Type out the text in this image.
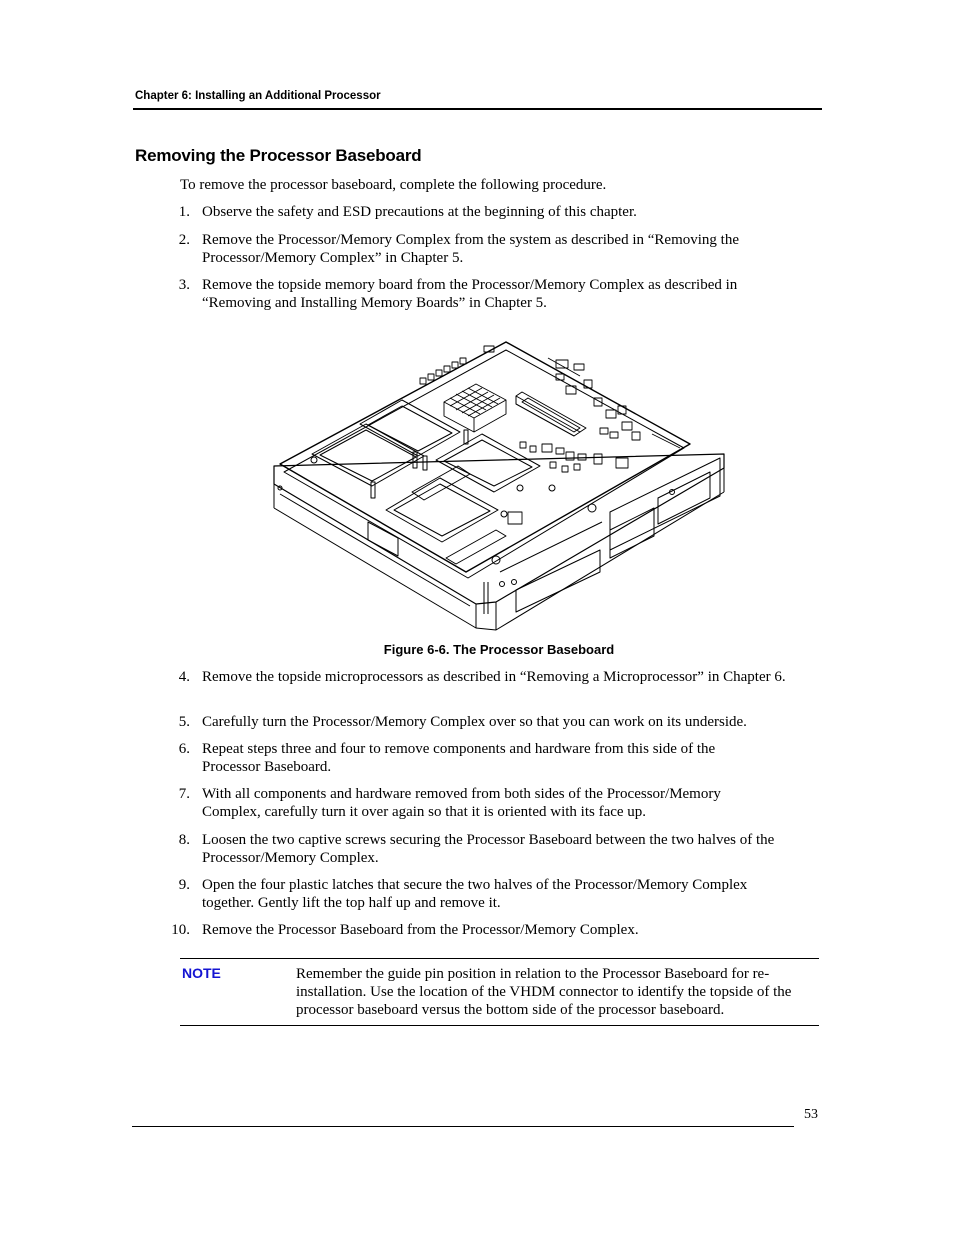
Chapter 6: Installing an Additional Processor
Removing the Processor Baseboard
To remove the processor baseboard, complete the following procedure.
1. Observe the safety and ESD precautions at the beginning of this chapter.
2. Remove the Processor/Memory Complex from the system as described in “Removing the Processor/Memory Complex” in Chapter 5.
3. Remove the topside memory board from the Processor/Memory Complex as described in “Removing and Installing Memory Boards” in Chapter 5.
4. Remove the topside microprocessors as described in “Removing a Microprocessor” in Chapter 6.
5. Carefully turn the Processor/Memory Complex over so that you can work on its underside.
6. Repeat steps three and four to remove components and hardware from this side of the Processor Baseboard.
7. With all components and hardware removed from both sides of the Processor/Memory Complex, carefully turn it over again so that it is oriented with its face up.
8. Loosen the two captive screws securing the Processor Baseboard between the two halves of the Processor/Memory Complex.
9. Open the four plastic latches that secure the two halves of the Processor/Memory Complex together. Gently lift the top half up and remove it.
10. Remove the Processor Baseboard from the Processor/Memory Complex.
Figure 6-6. The Processor Baseboard
NOTE	Remember the guide pin position in relation to the Processor Baseboard for re-installation. Use the location of the VHDM connector to identify the topside of the processor baseboard versus the bottom side of the processor baseboard.
53
